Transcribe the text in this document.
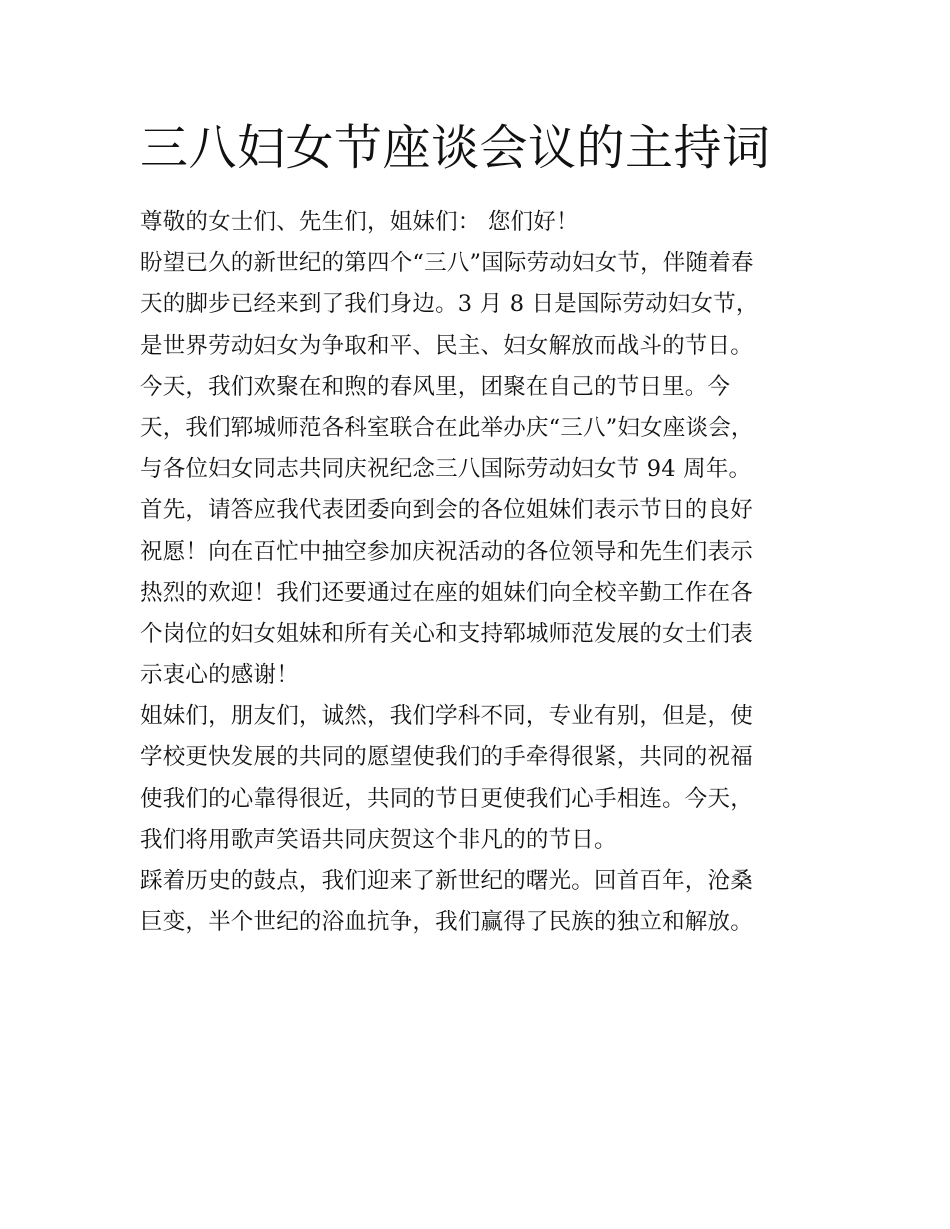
三八妇女节座谈会议的主持词
尊敬的女士们、先生们，姐妹们： 您们好！
盼望已久的新世纪的第四个“三八”国际劳动妇女节，伴随着春
天的脚步已经来到了我们身边。3 月 8 日是国际劳动妇女节，
是世界劳动妇女为争取和平、民主、妇女解放而战斗的节日。
今天，我们欢聚在和煦的春风里，团聚在自己的节日里。今
天，我们郓城师范各科室联合在此举办庆“三八”妇女座谈会，
与各位妇女同志共同庆祝纪念三八国际劳动妇女节 94 周年。
首先，请答应我代表团委向到会的各位姐妹们表示节日的良好
祝愿！向在百忙中抽空参加庆祝活动的各位领导和先生们表示
热烈的欢迎！我们还要通过在座的姐妹们向全校辛勤工作在各
个岗位的妇女姐妹和所有关心和支持郓城师范发展的女士们表
示衷心的感谢！
姐妹们，朋友们，诚然，我们学科不同，专业有别，但是，使
学校更快发展的共同的愿望使我们的手牵得很紧，共同的祝福
使我们的心靠得很近，共同的节日更使我们心手相连。今天，
我们将用歌声笑语共同庆贺这个非凡的的节日。
踩着历史的鼓点，我们迎来了新世纪的曙光。回首百年，沧桑
巨变，半个世纪的浴血抗争，我们赢得了民族的独立和解放。
